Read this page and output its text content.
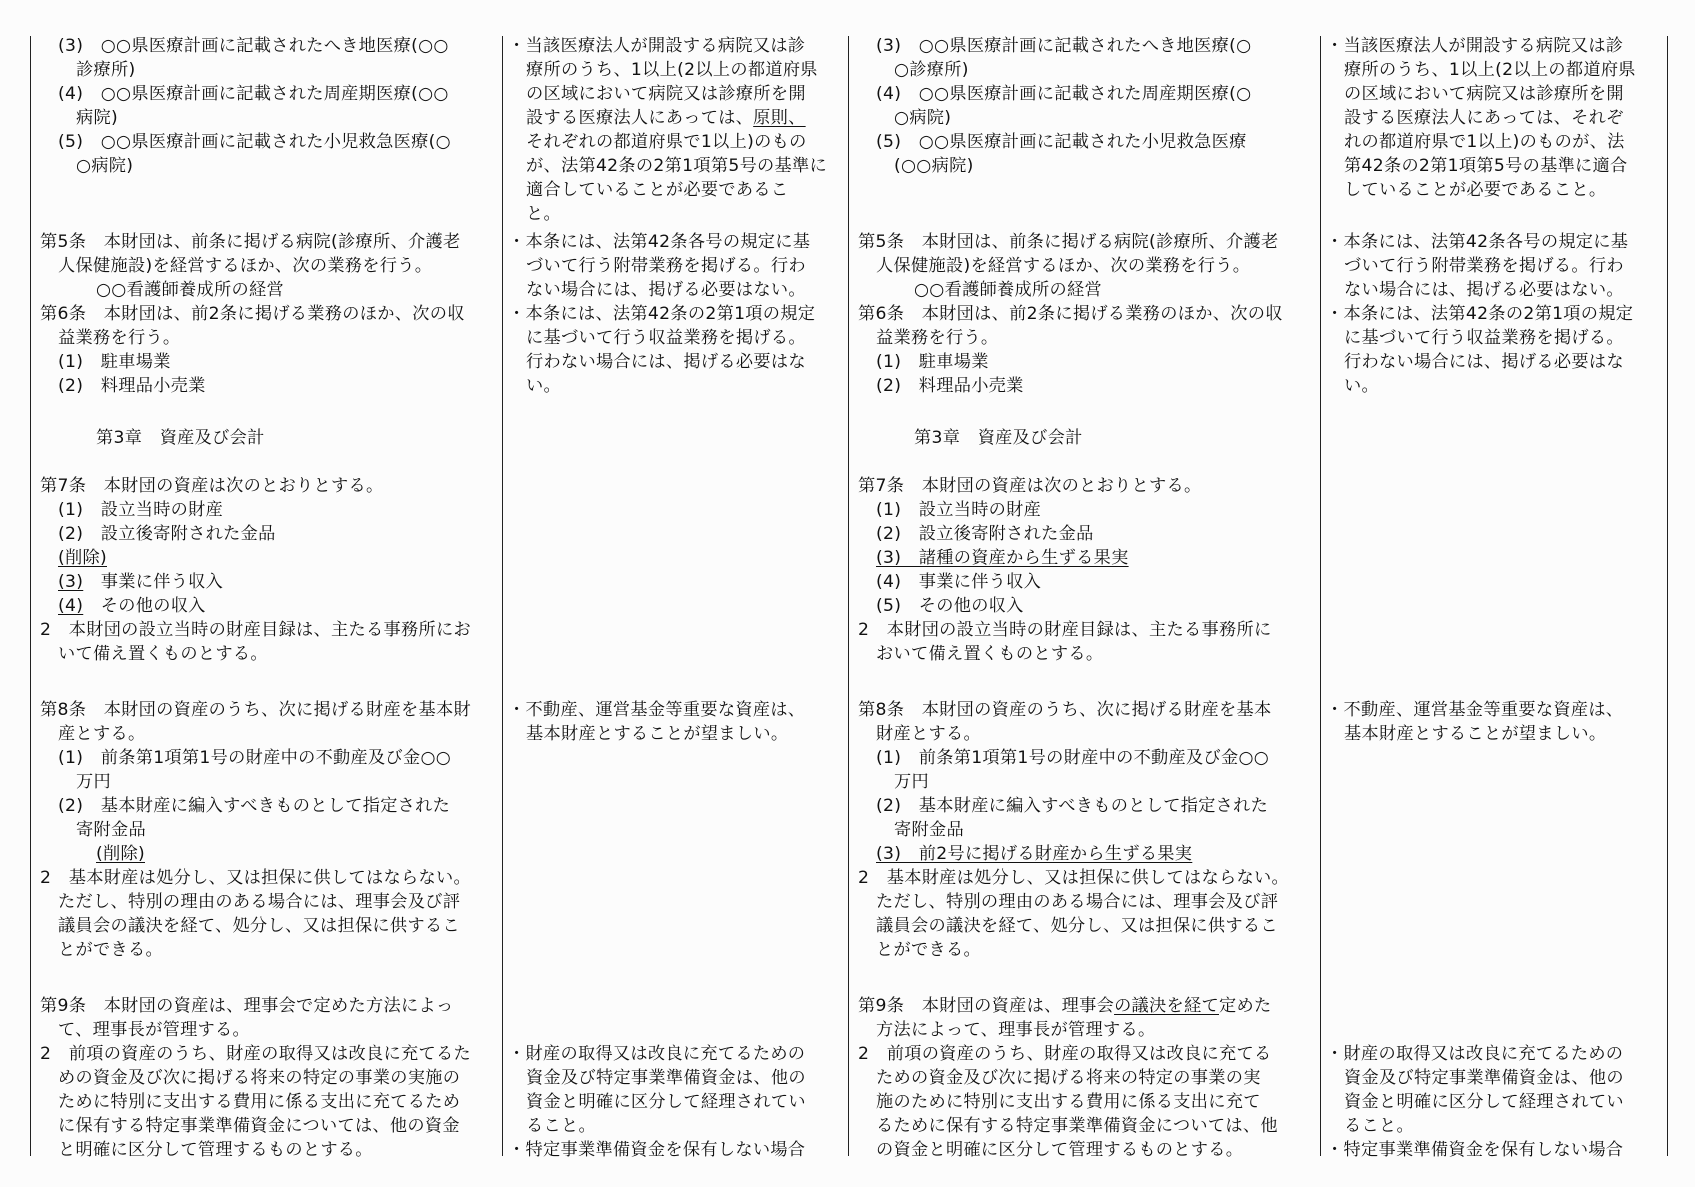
(3)　○○県医療計画に記載されたへき地医療(○○
診療所)
(4)　○○県医療計画に記載された周産期医療(○○
病院)
(5)　○○県医療計画に記載された小児救急医療(○
○病院)
第5条　本財団は、前条に掲げる病院(診療所、介護老
人保健施設)を経営するほか、次の業務を行う。
○○看護師養成所の経営
第6条　本財団は、前2条に掲げる業務のほか、次の収
益業務を行う。
(1)　駐車場業
(2)　料理品小売業
第3章　資産及び会計
第7条　本財団の資産は次のとおりとする。
(1)　設立当時の財産
(2)　設立後寄附された金品
(削除)
(3)　事業に伴う収入
(4)　その他の収入
2　本財団の設立当時の財産目録は、主たる事務所にお
いて備え置くものとする。
第8条　本財団の資産のうち、次に掲げる財産を基本財
産とする。
(1)　前条第1項第1号の財産中の不動産及び金○○
万円
(2)　基本財産に編入すべきものとして指定された
寄附金品
(削除)
2　基本財産は処分し、又は担保に供してはならない。
ただし、特別の理由のある場合には、理事会及び評
議員会の議決を経て、処分し、又は担保に供するこ
とができる。
第9条　本財団の資産は、理事会で定めた方法によっ
て、理事長が管理する。
2　前項の資産のうち、財産の取得又は改良に充てるた
めの資金及び次に掲げる将来の特定の事業の実施の
ために特別に支出する費用に係る支出に充てるため
に保有する特定事業準備資金については、他の資金
と明確に区分して管理するものとする。
・当該医療法人が開設する病院又は診
療所のうち、1以上(2以上の都道府県
の区域において病院又は診療所を開
設する医療法人にあっては、原則、
それぞれの都道府県で1以上)のもの
が、法第42条の2第1項第5号の基準に
適合していることが必要であるこ
と。
・本条には、法第42条各号の規定に基
づいて行う附帯業務を掲げる。行わ
ない場合には、掲げる必要はない。
・本条には、法第42条の2第1項の規定
に基づいて行う収益業務を掲げる。
行わない場合には、掲げる必要はな
い。
・不動産、運営基金等重要な資産は、
基本財産とすることが望ましい。
・財産の取得又は改良に充てるための
資金及び特定事業準備資金は、他の
資金と明確に区分して経理されてい
ること。
・特定事業準備資金を保有しない場合
(3)　○○県医療計画に記載されたへき地医療(○
○診療所)
(4)　○○県医療計画に記載された周産期医療(○
○病院)
(5)　○○県医療計画に記載された小児救急医療
(○○病院)
第5条　本財団は、前条に掲げる病院(診療所、介護老
人保健施設)を経営するほか、次の業務を行う。
○○看護師養成所の経営
第6条　本財団は、前2条に掲げる業務のほか、次の収
益業務を行う。
(1)　駐車場業
(2)　料理品小売業
第3章　資産及び会計
第7条　本財団の資産は次のとおりとする。
(1)　設立当時の財産
(2)　設立後寄附された金品
(3)　諸種の資産から生ずる果実
(4)　事業に伴う収入
(5)　その他の収入
2　本財団の設立当時の財産目録は、主たる事務所に
おいて備え置くものとする。
第8条　本財団の資産のうち、次に掲げる財産を基本
財産とする。
(1)　前条第1項第1号の財産中の不動産及び金○○
万円
(2)　基本財産に編入すべきものとして指定された
寄附金品
(3)　前2号に掲げる財産から生ずる果実
2　基本財産は処分し、又は担保に供してはならない。
ただし、特別の理由のある場合には、理事会及び評
議員会の議決を経て、処分し、又は担保に供するこ
とができる。
第9条　本財団の資産は、理事会の議決を経て定めた
方法によって、理事長が管理する。
2　前項の資産のうち、財産の取得又は改良に充てる
ための資金及び次に掲げる将来の特定の事業の実
施のために特別に支出する費用に係る支出に充て
るために保有する特定事業準備資金については、他
の資金と明確に区分して管理するものとする。
・当該医療法人が開設する病院又は診
療所のうち、1以上(2以上の都道府県
の区域において病院又は診療所を開
設する医療法人にあっては、それぞ
れの都道府県で1以上)のものが、法
第42条の2第1項第5号の基準に適合
していることが必要であること。
・本条には、法第42条各号の規定に基
づいて行う附帯業務を掲げる。行わ
ない場合には、掲げる必要はない。
・本条には、法第42条の2第1項の規定
に基づいて行う収益業務を掲げる。
行わない場合には、掲げる必要はな
い。
・不動産、運営基金等重要な資産は、
基本財産とすることが望ましい。
・財産の取得又は改良に充てるための
資金及び特定事業準備資金は、他の
資金と明確に区分して経理されてい
ること。
・特定事業準備資金を保有しない場合
